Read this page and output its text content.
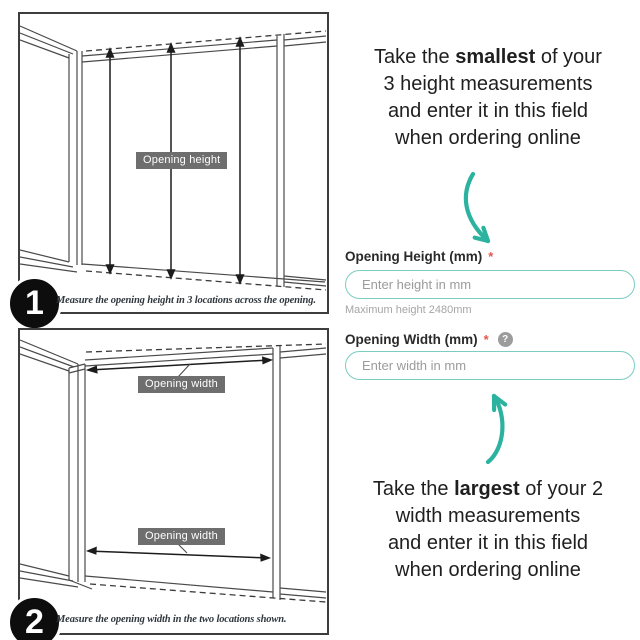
Opening height
1 Measure the opening height in 3 locations across the opening.
Opening width
Opening width
2 Measure the opening width in the two locations shown.
Take the smallest of your
3 height measurements
and enter it in this field
when ordering online
Opening Height (mm) *
Enter height in mm
Maximum height 2480mm
Opening Width (mm) *	?
Enter width in mm
Take the largest of your 2
width measurements
and enter it in this field
when ordering online
